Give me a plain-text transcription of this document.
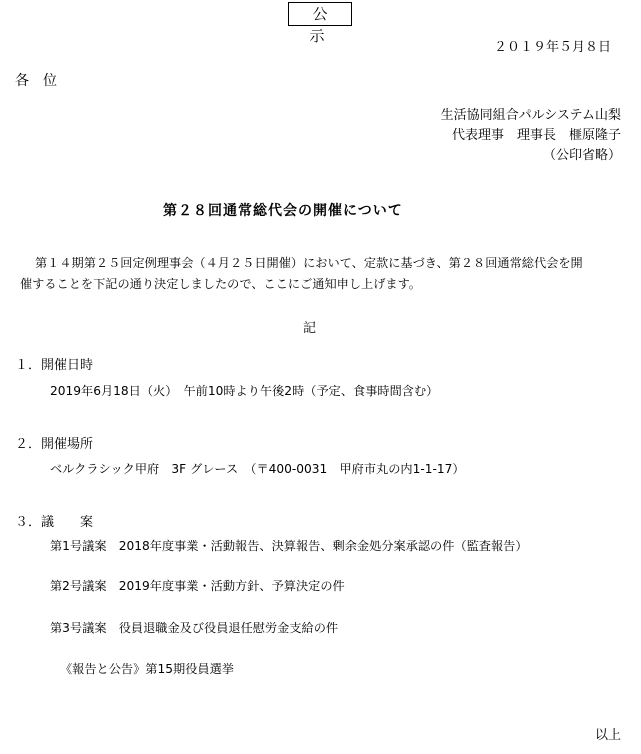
公　示
２０１９年５月８日
各　位
生活協同組合パルシステム山梨
代表理事　理事長　榧原隆子
（公印省略）
第２８回通常総代会の開催について
第１４期第２５回定例理事会（４月２５日開催）において、定款に基づき、第２８回通常総代会を開
催することを下記の通り決定しましたので、ここにご通知申し上げます。
記
１．開催日時
2019年6月18日（火）　午前10時より午後2時（予定、食事時間含む）
２．開催場所
ベルクラシック甲府　3F グレース　（〒400-0031　甲府市丸の内1-1-17）
３．議　　案
第1号議案　2018年度事業・活動報告、決算報告、剰余金処分案承認の件（監査報告）
第2号議案　2019年度事業・活動方針、予算決定の件
第3号議案　役員退職金及び役員退任慰労金支給の件
《報告と公告》第15期役員選挙
以上
